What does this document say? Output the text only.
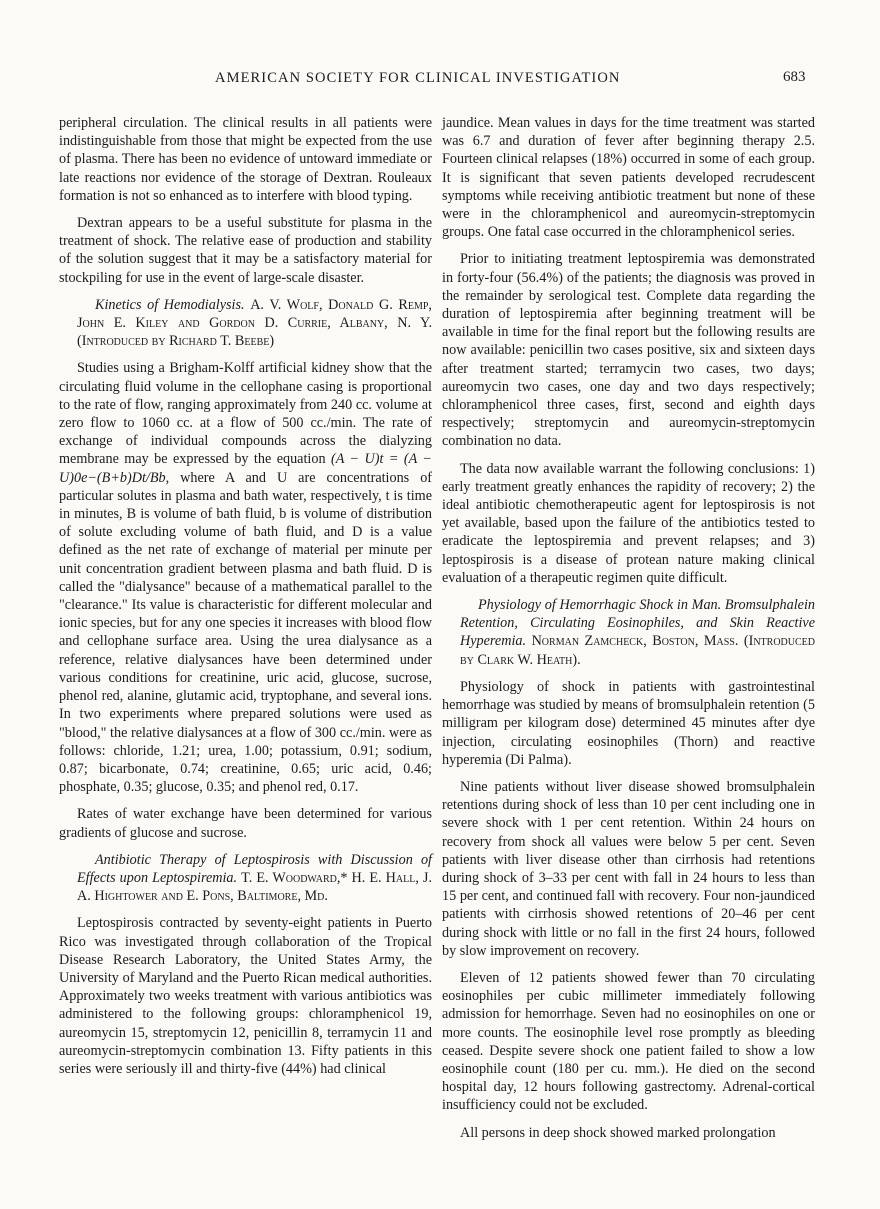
AMERICAN SOCIETY FOR CLINICAL INVESTIGATION	683

peripheral circulation. The clinical results in all patients were indistinguishable from those that might be expected from the use of plasma. There has been no evidence of untoward immediate or late reactions nor evidence of the storage of Dextran. Rouleaux formation is not so enhanced as to interfere with blood typing.

Dextran appears to be a useful substitute for plasma in the treatment of shock. The relative ease of production and stability of the solution suggest that it may be a satisfactory material for stockpiling for use in the event of large-scale disaster.

Kinetics of Hemodialysis. A. V. Wolf, Donald G. Remp, John E. Kiley and Gordon D. Currie, Albany, N. Y. (Introduced by Richard T. Beebe)

Studies using a Brigham-Kolff artificial kidney show that the circulating fluid volume in the cellophane casing is proportional to the rate of flow, ranging approximately from 240 cc. volume at zero flow to 1060 cc. at a flow of 500 cc./min. The rate of exchange of individual compounds across the dialyzing membrane may be expressed by the equation (A − U)t = (A − U)0e−(B+b)Dt/Bb, where A and U are concentrations of particular solutes in plasma and bath water, respectively, t is time in minutes, B is volume of bath fluid, b is volume of distribution of solute excluding volume of bath fluid, and D is a value defined as the net rate of exchange of material per minute per unit concentration gradient between plasma and bath fluid. D is called the "dialysance" because of a mathematical parallel to the "clearance." Its value is characteristic for different molecular and ionic species, but for any one species it increases with blood flow and cellophane surface area. Using the urea dialysance as a reference, relative dialysances have been determined under various conditions for creatinine, uric acid, glucose, sucrose, phenol red, alanine, glutamic acid, tryptophane, and several ions. In two experiments where prepared solutions were used as "blood," the relative dialysances at a flow of 300 cc./min. were as follows: chloride, 1.21; urea, 1.00; potassium, 0.91; sodium, 0.87; bicarbonate, 0.74; creatinine, 0.65; uric acid, 0.46; phosphate, 0.35; glucose, 0.35; and phenol red, 0.17.

Rates of water exchange have been determined for various gradients of glucose and sucrose.

Antibiotic Therapy of Leptospirosis with Discussion of Effects upon Leptospiremia. T. E. Woodward,* H. E. Hall, J. A. Hightower and E. Pons, Baltimore, Md.

Leptospirosis contracted by seventy-eight patients in Puerto Rico was investigated through collaboration of the Tropical Disease Research Laboratory, the United States Army, the University of Maryland and the Puerto Rican medical authorities. Approximately two weeks treatment with various antibiotics was administered to the following groups: chloramphenicol 19, aureomycin 15, streptomycin 12, penicillin 8, terramycin 11 and aureomycin-streptomycin combination 13. Fifty patients in this series were seriously ill and thirty-five (44%) had clinical

jaundice. Mean values in days for the time treatment was started was 6.7 and duration of fever after beginning therapy 2.5. Fourteen clinical relapses (18%) occurred in some of each group. It is significant that seven patients developed recrudescent symptoms while receiving antibiotic treatment but none of these were in the chloramphenicol and aureomycin-streptomycin groups. One fatal case occurred in the chloramphenicol series.

Prior to initiating treatment leptospiremia was demonstrated in forty-four (56.4%) of the patients; the diagnosis was proved in the remainder by serological test. Complete data regarding the duration of leptospiremia after beginning treatment will be available in time for the final report but the following results are now available: penicillin two cases positive, six and sixteen days after treatment started; terramycin two cases, two days; aureomycin two cases, one day and two days respectively; chloramphenicol three cases, first, second and eighth days respectively; streptomycin and aureomycin-streptomycin combination no data.

The data now available warrant the following conclusions: 1) early treatment greatly enhances the rapidity of recovery; 2) the ideal antibiotic chemotherapeutic agent for leptospirosis is not yet available, based upon the failure of the antibiotics tested to eradicate the leptospiremia and prevent relapses; and 3) leptospirosis is a disease of protean nature making clinical evaluation of a therapeutic regimen quite difficult.

Physiology of Hemorrhagic Shock in Man. Bromsulphalein Retention, Circulating Eosinophiles, and Skin Reactive Hyperemia. Norman Zamcheck, Boston, Mass. (Introduced by Clark W. Heath).

Physiology of shock in patients with gastrointestinal hemorrhage was studied by means of bromsulphalein retention (5 milligram per kilogram dose) determined 45 minutes after dye injection, circulating eosinophiles (Thorn) and reactive hyperemia (Di Palma).

Nine patients without liver disease showed bromsulphalein retentions during shock of less than 10 per cent including one in severe shock with 1 per cent retention. Within 24 hours on recovery from shock all values were below 5 per cent. Seven patients with liver disease other than cirrhosis had retentions during shock of 3–33 per cent with fall in 24 hours to less than 15 per cent, and continued fall with recovery. Four non-jaundiced patients with cirrhosis showed retentions of 20–46 per cent during shock with little or no fall in the first 24 hours, followed by slow improvement on recovery.

Eleven of 12 patients showed fewer than 70 circulating eosinophiles per cubic millimeter immediately following admission for hemorrhage. Seven had no eosinophiles on one or more counts. The eosinophile level rose promptly as bleeding ceased. Despite severe shock one patient failed to show a low eosinophile count (180 per cu. mm.). He died on the second hospital day, 12 hours following gastrectomy. Adrenal-cortical insufficiency could not be excluded.

All persons in deep shock showed marked prolongation
